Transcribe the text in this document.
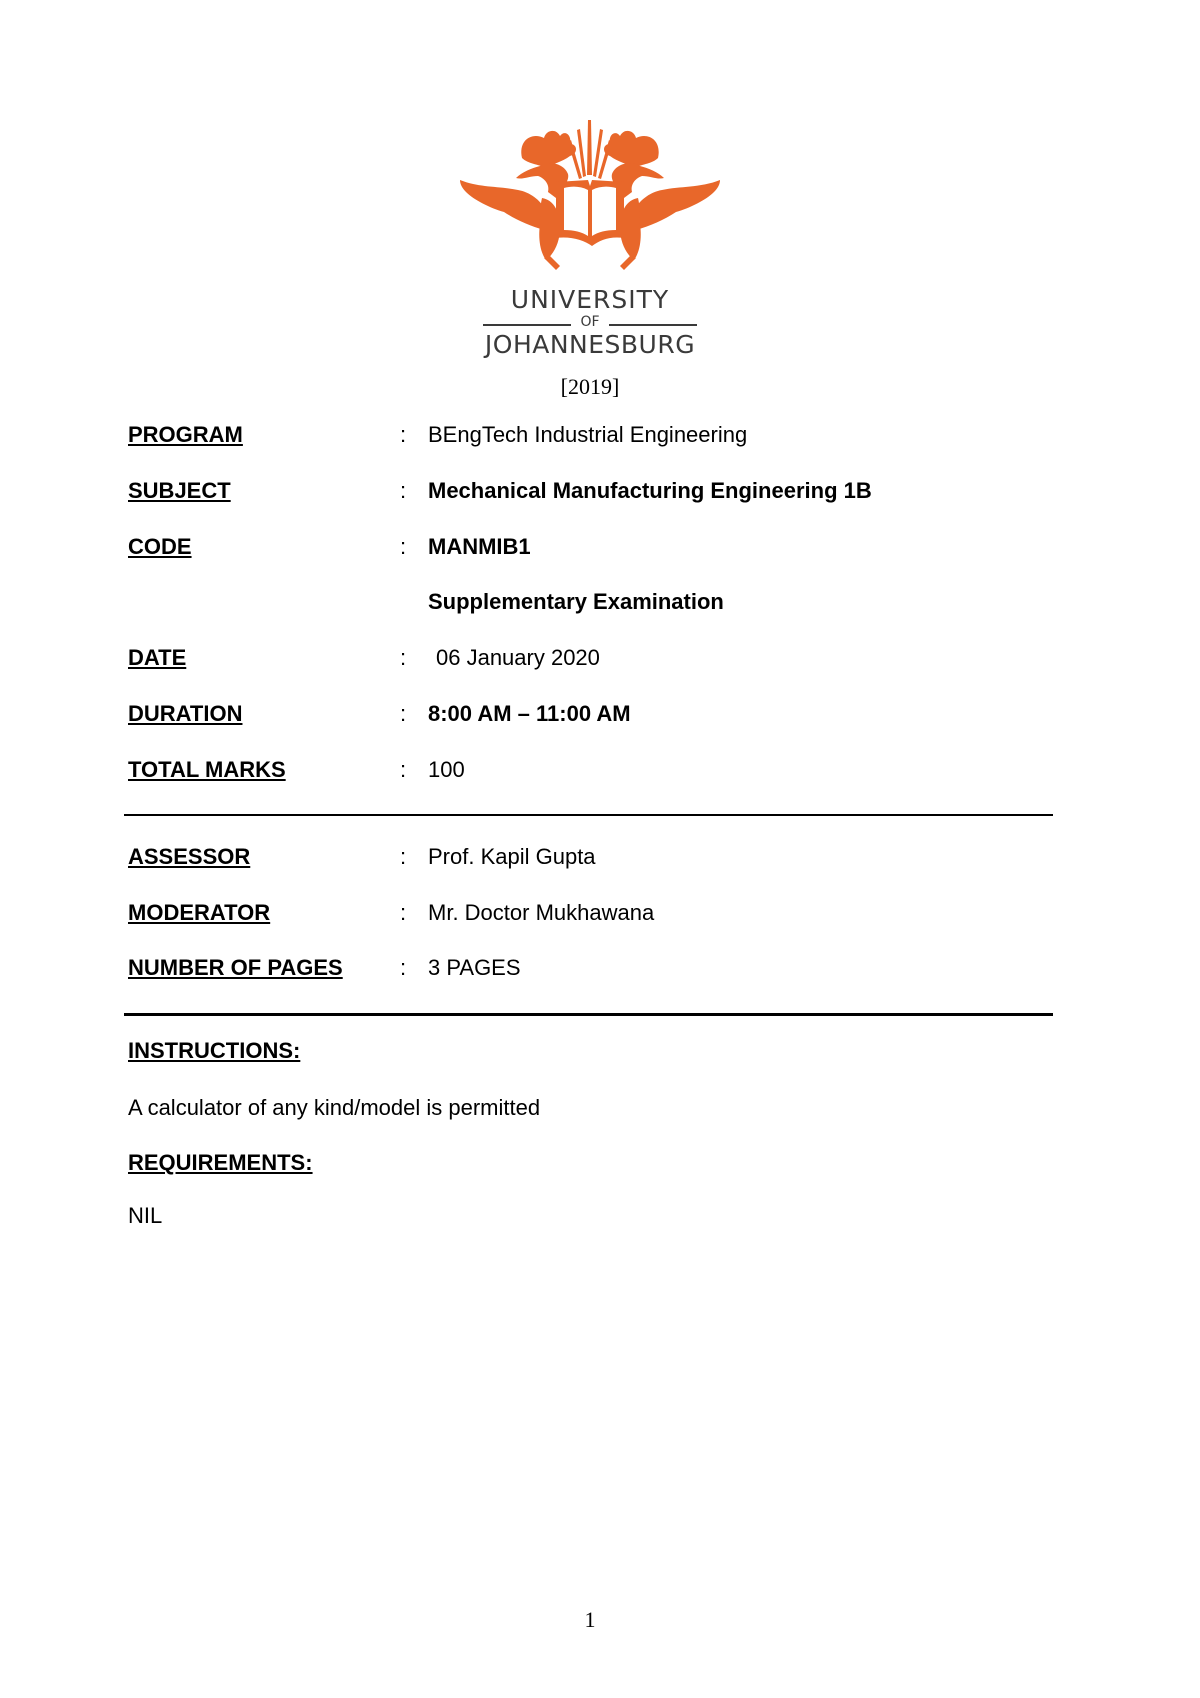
UNIVERSITY
OF
JOHANNESBURG
[2019]
PROGRAM	: BEngTech Industrial Engineering
SUBJECT	: Mechanical Manufacturing Engineering 1B
CODE	: MANMIB1
Supplementary Examination
DATE	: 06 January 2020
DURATION	: 8:00 AM – 11:00 AM
TOTAL MARKS	: 100
ASSESSOR	: Prof. Kapil Gupta
MODERATOR	: Mr. Doctor Mukhawana
NUMBER OF PAGES	: 3 PAGES
INSTRUCTIONS:
A calculator of any kind/model is permitted
REQUIREMENTS:
NIL
1
